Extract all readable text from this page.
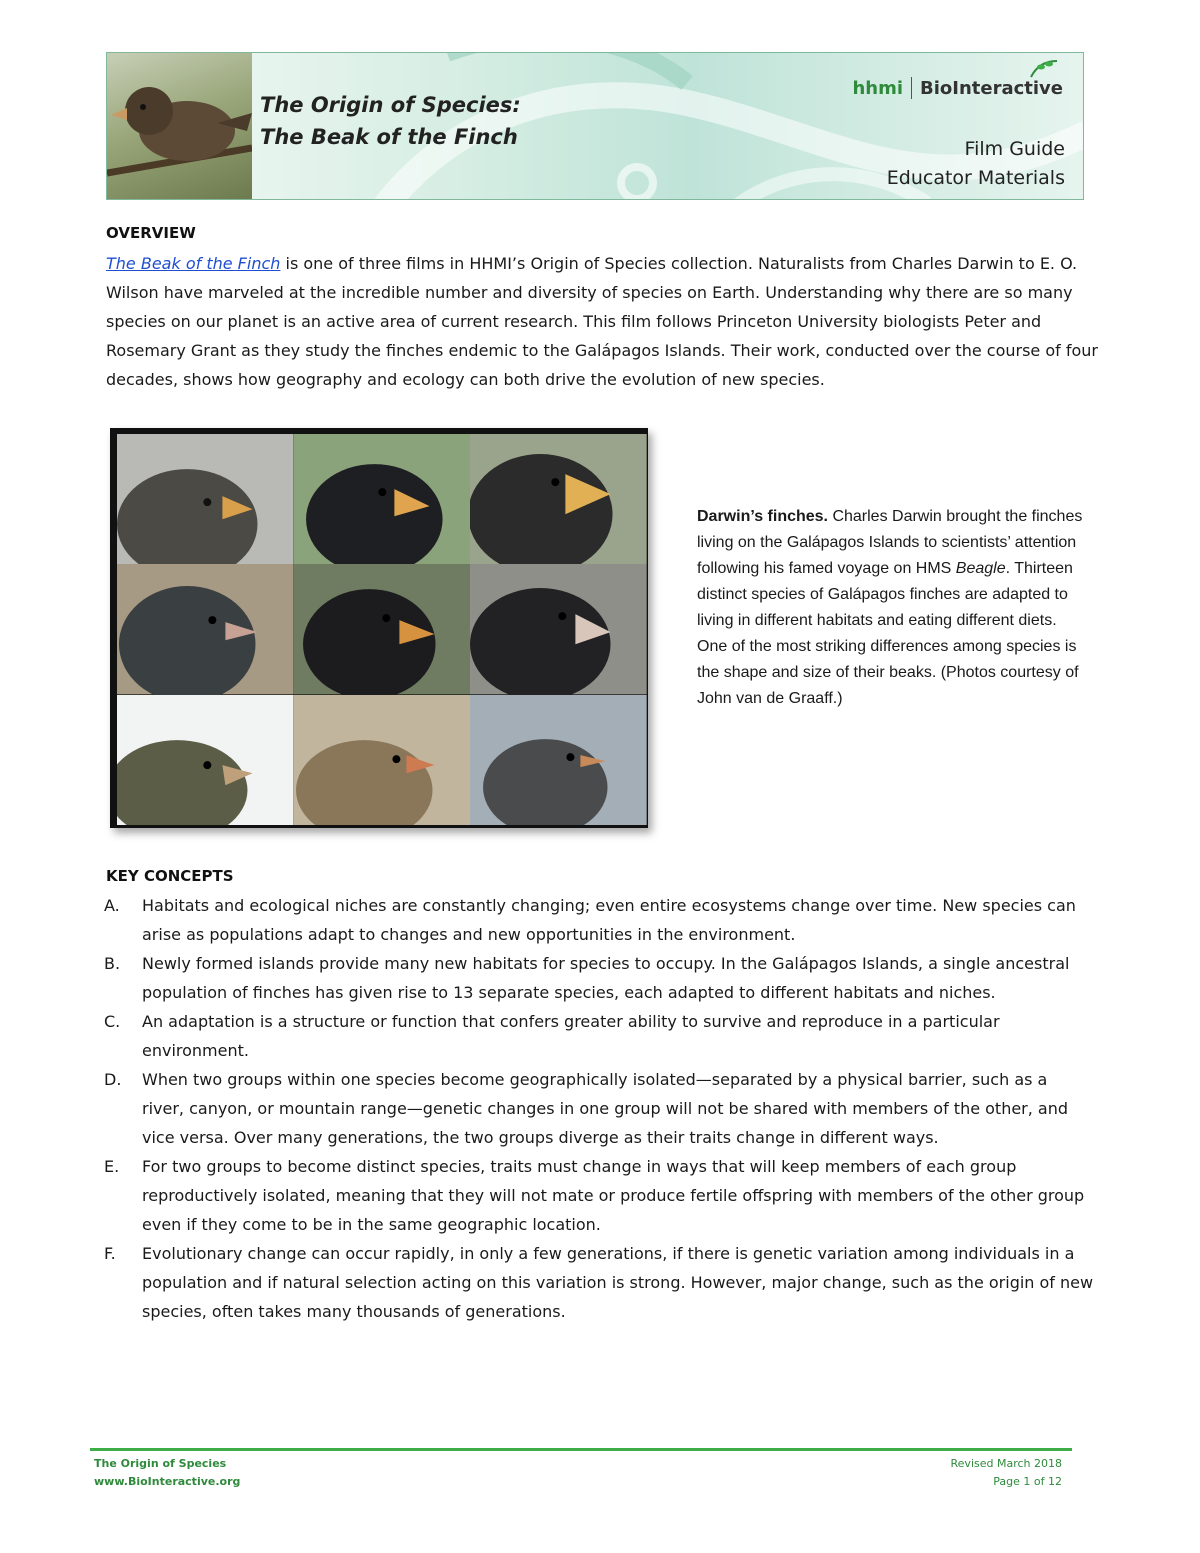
The Origin of Species:
The Beak of the Finch
hhmi BioInteractive
Film Guide
Educator Materials
OVERVIEW

The Beak of the Finch is one of three films in HHMI’s Origin of Species collection. Naturalists from Charles Darwin to E. O. Wilson have marveled at the incredible number and diversity of species on Earth. Understanding why there are so many species on our planet is an active area of current research. This film follows Princeton University biologists Peter and Rosemary Grant as they study the finches endemic to the Galápagos Islands. Their work, conducted over the course of four decades, shows how geography and ecology can both drive the evolution of new species.

Darwin’s finches. Charles Darwin brought the finches living on the Galápagos Islands to scientists’ attention following his famed voyage on HMS Beagle. Thirteen distinct species of Galápagos finches are adapted to living in different habitats and eating different diets. One of the most striking differences among species is the shape and size of their beaks. (Photos courtesy of John van de Graaff.)
KEY CONCEPTS
A. Habitats and ecological niches are constantly changing; even entire ecosystems change over time. New species can arise as populations adapt to changes and new opportunities in the environment.
B. Newly formed islands provide many new habitats for species to occupy. In the Galápagos Islands, a single ancestral population of finches has given rise to 13 separate species, each adapted to different habitats and niches.
C. An adaptation is a structure or function that confers greater ability to survive and reproduce in a particular environment.
D. When two groups within one species become geographically isolated—separated by a physical barrier, such as a river, canyon, or mountain range—genetic changes in one group will not be shared with members of the other, and vice versa. Over many generations, the two groups diverge as their traits change in different ways.
E. For two groups to become distinct species, traits must change in ways that will keep members of each group reproductively isolated, meaning that they will not mate or produce fertile offspring with members of the other group even if they come to be in the same geographic location.
F. Evolutionary change can occur rapidly, in only a few generations, if there is genetic variation among individuals in a population and if natural selection acting on this variation is strong. However, major change, such as the origin of new species, often takes many thousands of generations.
The Origin of Species
www.BioInteractive.org
Revised March 2018
Page 1 of 12
